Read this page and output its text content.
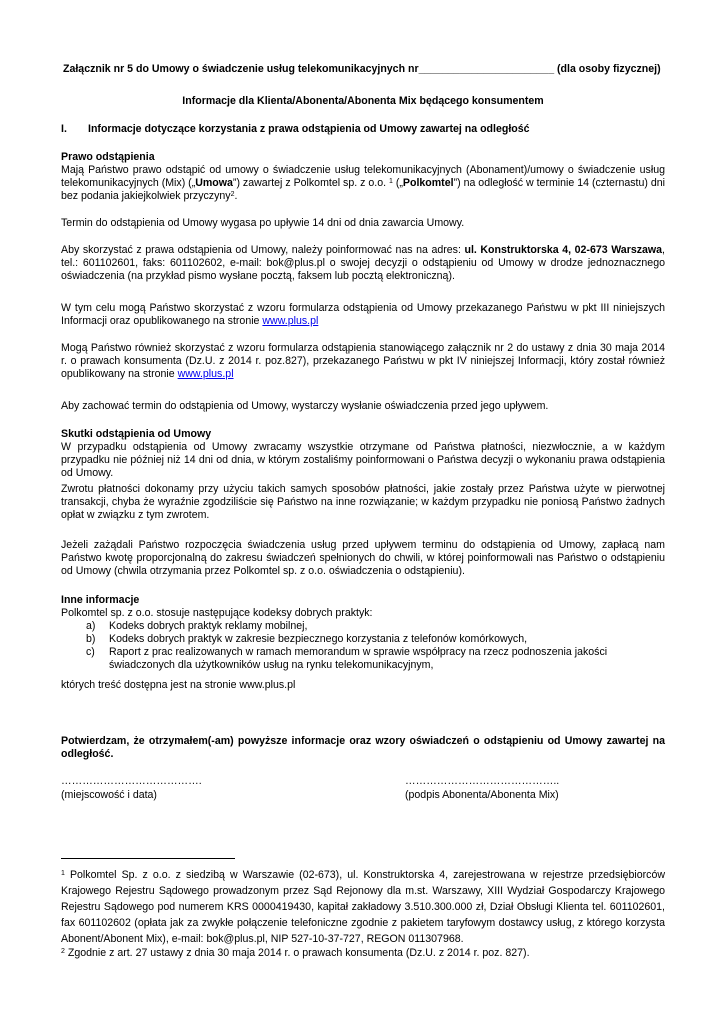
Załącznik nr 5 do Umowy o świadczenie usług telekomunikacyjnych nr_______________________ (dla osoby fizycznej)
Informacje dla Klienta/Abonenta/Abonenta Mix będącego konsumentem
I. Informacje dotyczące korzystania z prawa odstąpienia od Umowy zawartej na odległość
Prawo odstąpienia
Mają Państwo prawo odstąpić od umowy o świadczenie usług telekomunikacyjnych (Abonament)/umowy o świadczenie usług telekomunikacyjnych (Mix) („Umowa”) zawartej z Polkomtel sp. z o.o. $^1$ („Polkomtel”) na odległość w terminie 14 (czternastu) dni bez podania jakiejkolwiek przyczyny$^2$.
Termin do odstąpienia od Umowy wygasa po upływie 14 dni od dnia zawarcia Umowy.
Aby skorzystać z prawa odstąpienia od Umowy, należy poinformować nas na adres: ul. Konstruktorska 4, 02-673 Warszawa, tel.: 601102601, faks: 601102602, e-mail: bok@plus.pl o swojej decyzji o odstąpieniu od Umowy w drodze jednoznacznego oświadczenia (na przykład pismo wysłane pocztą, faksem lub pocztą elektroniczną).
W tym celu mogą Państwo skorzystać z wzoru formularza odstąpienia od Umowy przekazanego Państwu w pkt III niniejszych Informacji oraz opublikowanego na stronie www.plus.pl
Mogą Państwo również skorzystać z wzoru formularza odstąpienia stanowiącego załącznik nr 2 do ustawy z dnia 30 maja 2014 r. o prawach konsumenta (Dz.U. z 2014 r. poz.827), przekazanego Państwu w pkt IV niniejszej Informacji, który został również opublikowany na stronie www.plus.pl
Aby zachować termin do odstąpienia od Umowy, wystarczy wysłanie oświadczenia przed jego upływem.
Skutki odstąpienia od Umowy
W przypadku odstąpienia od Umowy zwracamy wszystkie otrzymane od Państwa płatności, niezwłocznie, a w każdym przypadku nie później niż 14 dni od dnia, w którym zostaliśmy poinformowani o Państwa decyzji o wykonaniu prawa odstąpienia od Umowy.
Zwrotu płatności dokonamy przy użyciu takich samych sposobów płatności, jakie zostały przez Państwa użyte w pierwotnej transakcji, chyba że wyraźnie zgodziliście się Państwo na inne rozwiązanie; w każdym przypadku nie poniosą Państwo żadnych opłat w związku z tym zwrotem.
Jeżeli zażądali Państwo rozpoczęcia świadczenia usług przed upływem terminu do odstąpienia od Umowy, zapłacą nam Państwo kwotę proporcjonalną do zakresu świadczeń spełnionych do chwili, w której poinformowali nas Państwo o odstąpieniu od Umowy (chwila otrzymania przez Polkomtel sp. z o.o. oświadczenia o odstąpieniu).
Inne informacje
Polkomtel sp. z o.o. stosuje następujące kodeksy dobrych praktyk:
a) Kodeks dobrych praktyk reklamy mobilnej,
b) Kodeks dobrych praktyk w zakresie bezpiecznego korzystania z telefonów komórkowych,
c) Raport z prac realizowanych w ramach memorandum w sprawie współpracy na rzecz podnoszenia jakości świadczonych dla użytkowników usług na rynku telekomunikacyjnym,
których treść dostępna jest na stronie www.plus.pl
Potwierdzam, że otrzymałem(-am) powyższe informacje oraz wzory oświadczeń o odstąpieniu od Umowy zawartej na odległość.
………………………………….
(miejscowość i data)
……………………………………..
(podpis Abonenta/Abonenta Mix)
$^1$ Polkomtel Sp. z o.o. z siedzibą w Warszawie (02-673), ul. Konstruktorska 4, zarejestrowana w rejestrze przedsiębiorców Krajowego Rejestru Sądowego prowadzonym przez Sąd Rejonowy dla m.st. Warszawy, XIII Wydział Gospodarczy Krajowego Rejestru Sądowego pod numerem KRS 0000419430, kapitał zakładowy 3.510.300.000 zł, Dział Obsługi Klienta tel. 601102601, fax 601102602 (opłata jak za zwykłe połączenie telefoniczne zgodnie z pakietem taryfowym dostawcy usług, z którego korzysta Abonent/Abonent Mix), e-mail: bok@plus.pl, NIP 527-10-37-727, REGON 011307968.
$^2$ Zgodnie z art. 27 ustawy z dnia 30 maja 2014 r. o prawach konsumenta (Dz.U. z 2014 r. poz. 827).
